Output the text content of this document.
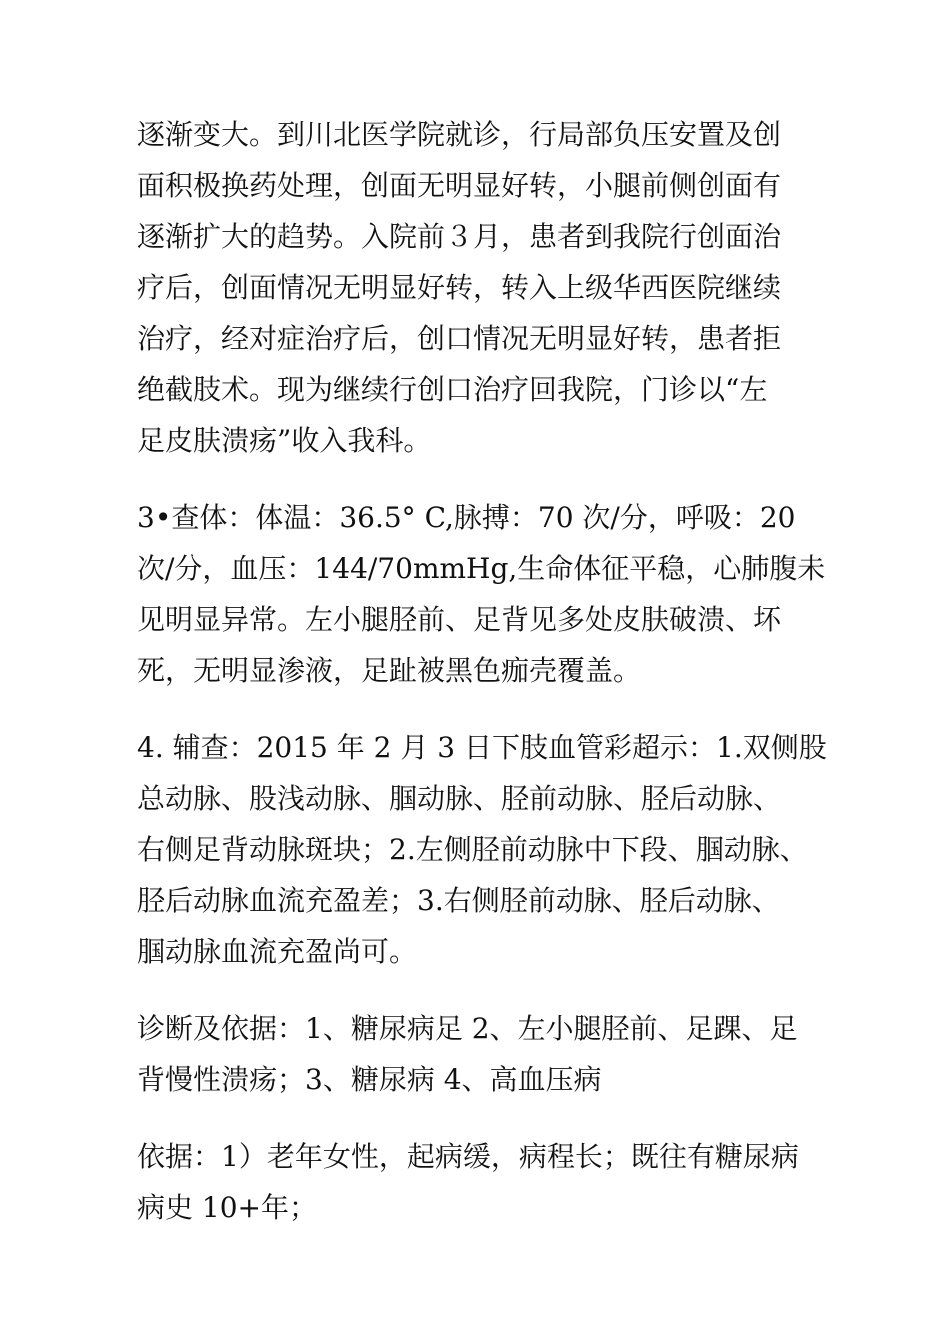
逐渐变大。到川北医学院就诊，行局部负压安置及创
面积极换药处理，创面无明显好转，小腿前侧创面有
逐渐扩大的趋势。入院前３月，患者到我院行创面治
疗后，创面情况无明显好转，转入上级华西医院继续
治疗，经对症治疗后，创口情况无明显好转，患者拒
绝截肢术。现为继续行创口治疗回我院，门诊以“左
足皮肤溃疡”收入我科。

3•查体：体温：36.5° C,脉搏：70 次/分，呼吸：20
次/分，血压：144/70mmHg,生命体征平稳，心肺腹未
见明显异常。左小腿胫前、足背见多处皮肤破溃、坏
死，无明显渗液，足趾被黑色痂壳覆盖。

4. 辅查：2015 年 2 月 3 日下肢血管彩超示：1.双侧股
总动脉、股浅动脉、腘动脉、胫前动脉、胫后动脉、
右侧足背动脉斑块；2.左侧胫前动脉中下段、腘动脉、
胫后动脉血流充盈差；3.右侧胫前动脉、胫后动脉、
腘动脉血流充盈尚可。

诊断及依据：1、糖尿病足 2、左小腿胫前、足踝、足
背慢性溃疡；3、糖尿病 4、高血压病

依据：1）老年女性，起病缓，病程长；既往有糖尿病
病史 10+年；
